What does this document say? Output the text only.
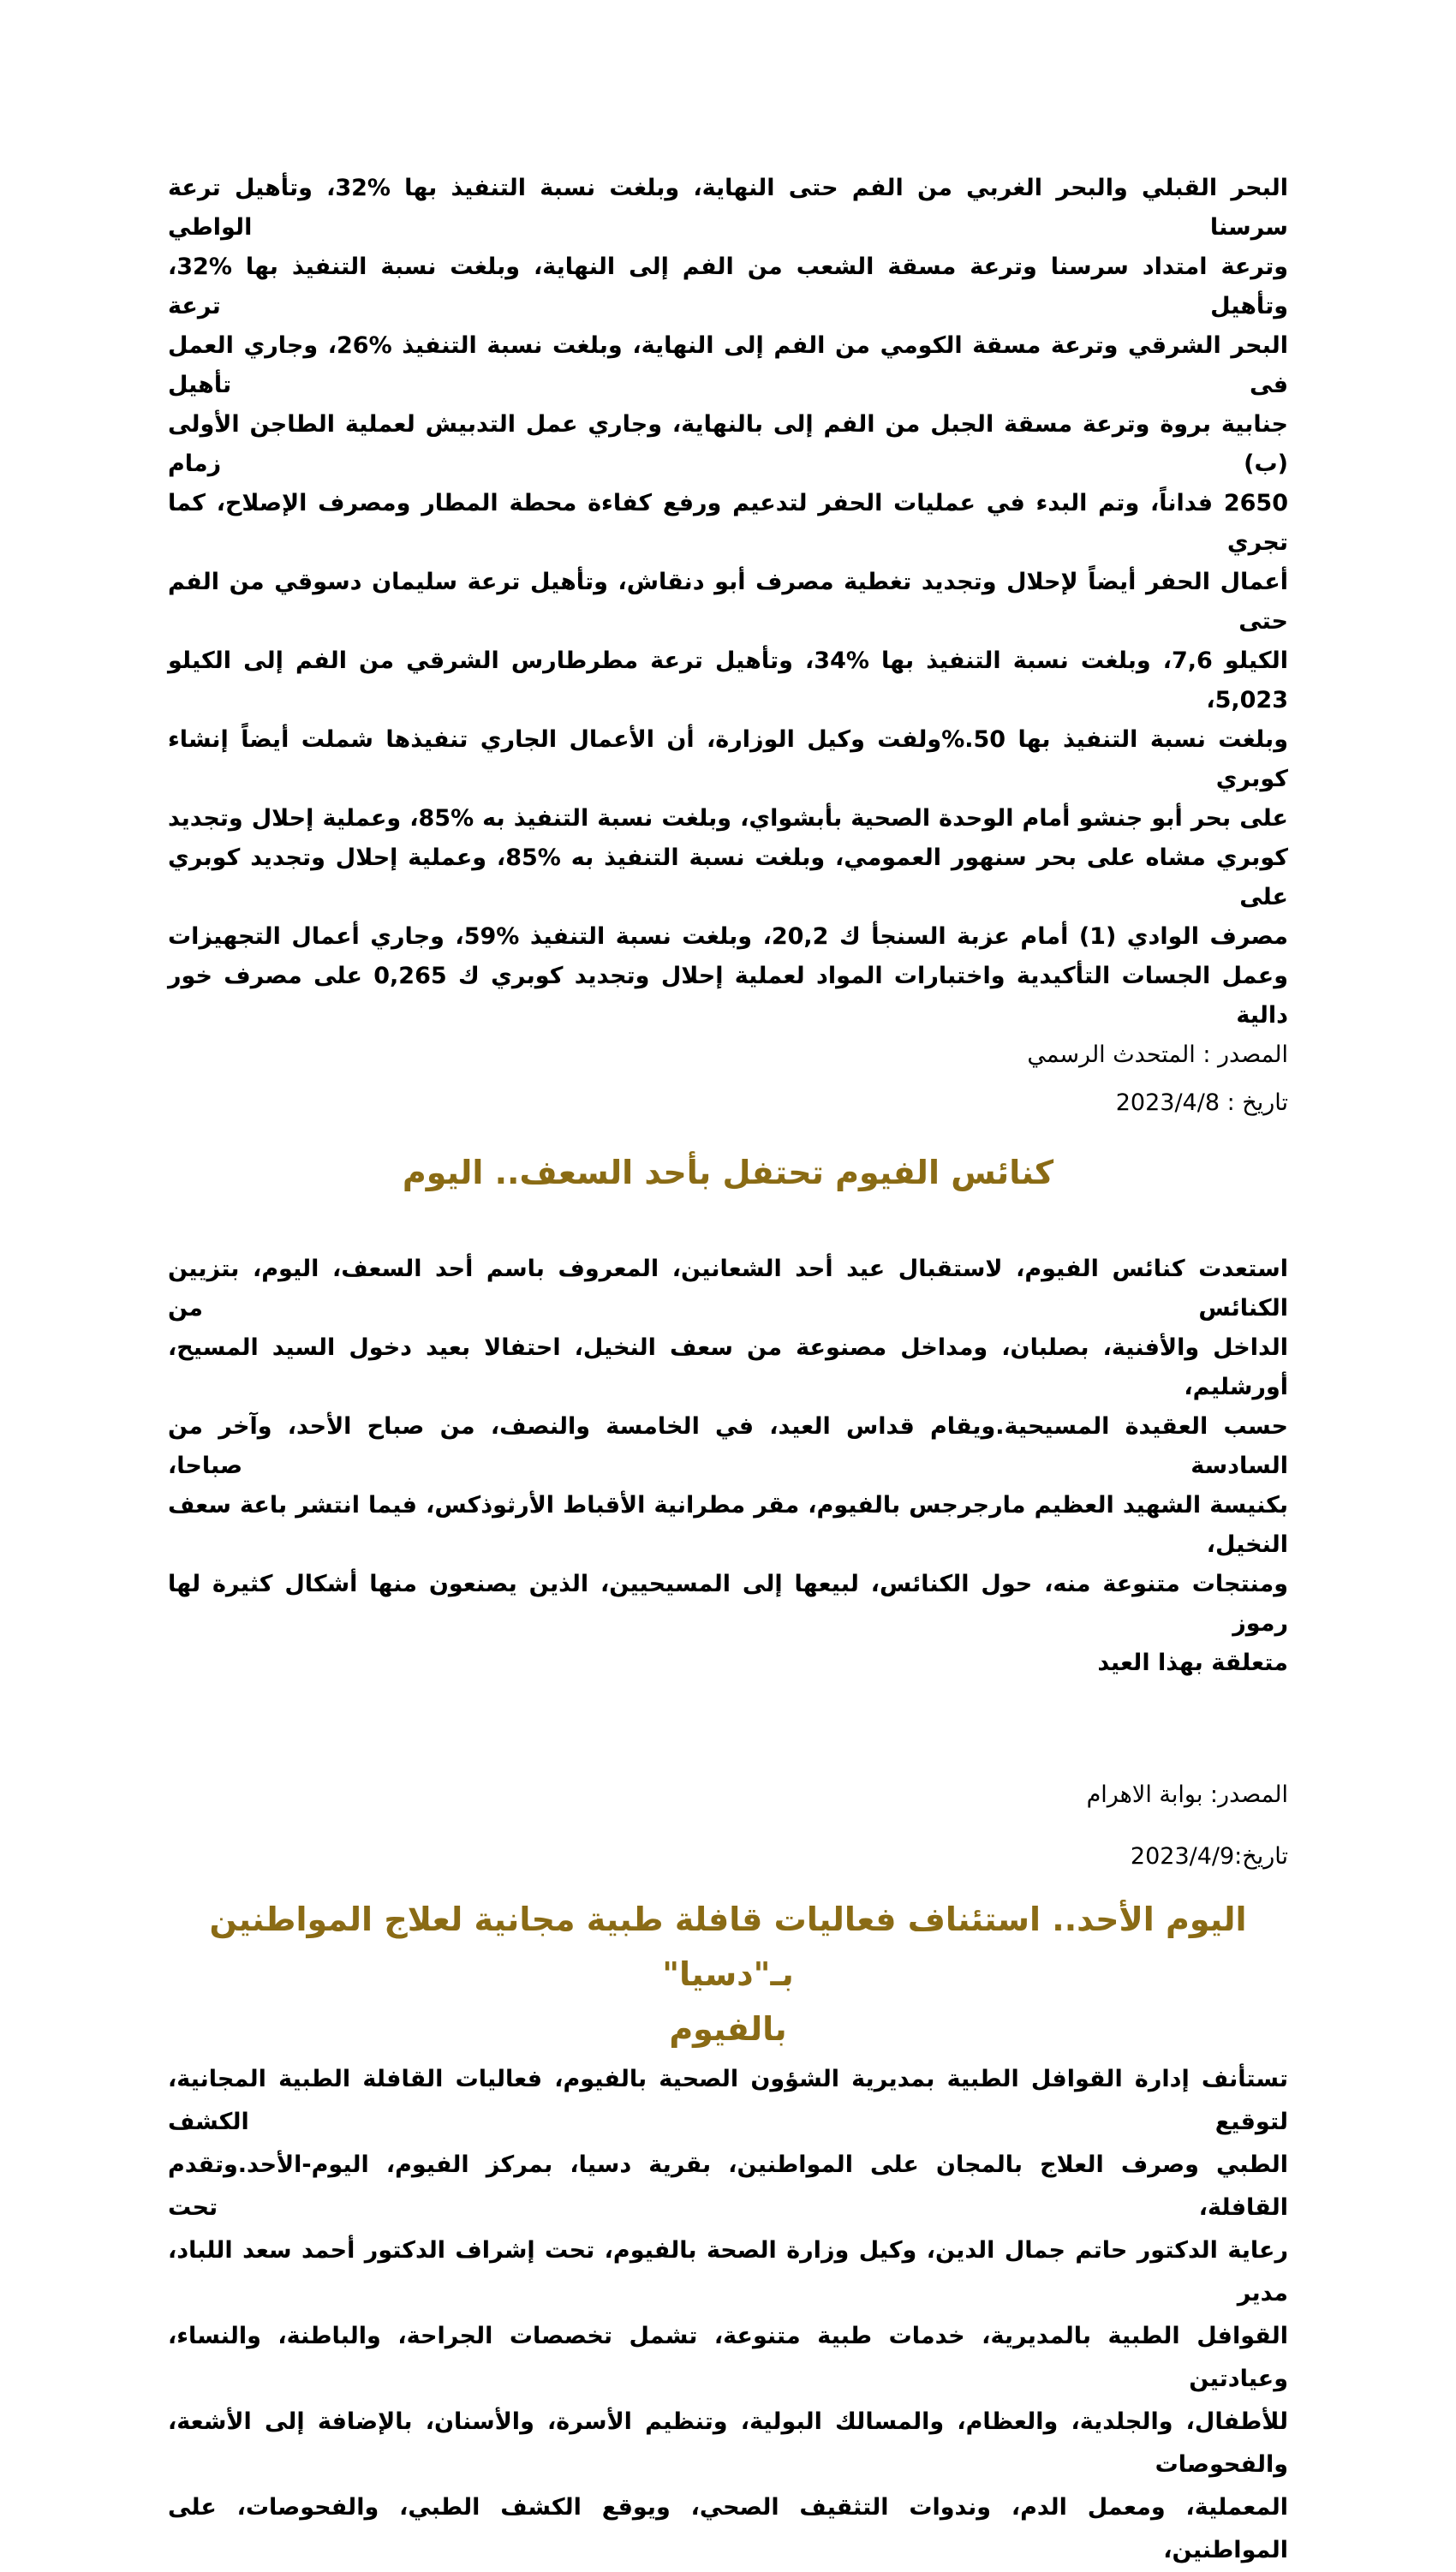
البحر القبلي والبحر الغربي من الفم حتى النهاية، وبلغت نسبة التنفيذ بها %32، وتأهيل ترعة سرسنا الواطي
وترعة امتداد سرسنا وترعة مسقة الشعب من الفم إلى النهاية، وبلغت نسبة التنفيذ بها %32، وتأهيل ترعة
البحر الشرقي وترعة مسقة الكومي من الفم إلى النهاية، وبلغت نسبة التنفيذ %26، وجاري العمل فى تأهيل
جنابية بروة وترعة مسقة الجبل من الفم إلى بالنهاية، وجاري عمل التدبيش لعملية الطاجن الأولى (ب) زمام
2650 فداناً، وتم البدء في عمليات الحفر لتدعيم ورفع كفاءة محطة المطار ومصرف الإصلاح، كما تجري
أعمال الحفر أيضاً لإحلال وتجديد تغطية مصرف أبو دنقاش، وتأهيل ترعة سليمان دسوقي من الفم حتى
الكيلو 7,6، وبلغت نسبة التنفيذ بها %34، وتأهيل ترعة مطرطارس الشرقي من الفم إلى الكيلو 5,023،
وبلغت نسبة التنفيذ بها 50.%ولفت وكيل الوزارة، أن الأعمال الجاري تنفيذها شملت أيضاً إنشاء كوبري
على بحر أبو جنشو أمام الوحدة الصحية بأبشواي، وبلغت نسبة التنفيذ به %85، وعملية إحلال وتجديد
كوبري مشاه على بحر سنهور العمومي، وبلغت نسبة التنفيذ به %85، وعملية إحلال وتجديد كوبري على
مصرف الوادي (1) أمام عزبة السنجأ ك 20,2، وبلغت نسبة التنفيذ %59، وجاري أعمال التجهيزات
وعمل الجسات التأكيدية واختبارات المواد لعملية إحلال وتجديد كوبري ك 0,265 على مصرف خور دالية
المصدر : المتحدث الرسمي
تاريخ : 2023/4/8
كنائس الفيوم تحتفل بأحد السعف.. اليوم
استعدت كنائس الفيوم، لاستقبال عيد أحد الشعانين، المعروف باسم أحد السعف، اليوم، بتزيين الكنائس من
الداخل والأفنية، بصلبان، ومداخل مصنوعة من سعف النخيل، احتفالا بعيد دخول السيد المسيح، أورشليم،
حسب العقيدة المسيحية.ويقام قداس العيد، في الخامسة والنصف، من صباح الأحد، وآخر من السادسة صباحا،
بكنيسة الشهيد العظيم مارجرجس بالفيوم، مقر مطرانية الأقباط الأرثوذكس، فيما انتشر باعة سعف النخيل،
ومنتجات متنوعة منه، حول الكنائس، لبيعها إلى المسيحيين، الذين يصنعون منها أشكال كثيرة لها رموز
متعلقة بهذا العيد
المصدر: بوابة الاهرام
تاريخ:2023/4/9
اليوم الأحد.. استئناف فعاليات قافلة طبية مجانية لعلاج المواطنين بـ"دسيا"
بالفيوم
تستأنف إدارة القوافل الطبية بمديرية الشؤون الصحية بالفيوم، فعاليات القافلة الطبية المجانية، لتوقيع الكشف
الطبي وصرف العلاج بالمجان على المواطنين، بقرية دسيا، بمركز الفيوم، اليوم-الأحد.وتقدم القافلة، تحت
رعاية الدكتور حاتم جمال الدين، وكيل وزارة الصحة بالفيوم، تحت إشراف الدكتور أحمد سعد اللباد، مدير
القوافل الطبية بالمديرية، خدمات طبية متنوعة، تشمل تخصصات الجراحة، والباطنة، والنساء، وعيادتين
للأطفال، والجلدية، والعظام، والمسالك البولية، وتنظيم الأسرة، والأسنان، بالإضافة إلى الأشعة، والفحوصات
المعملية، ومعمل الدم، وندوات التثقيف الصحي، ويوقع الكشف الطبي، والفحوصات، على المواطنين،
